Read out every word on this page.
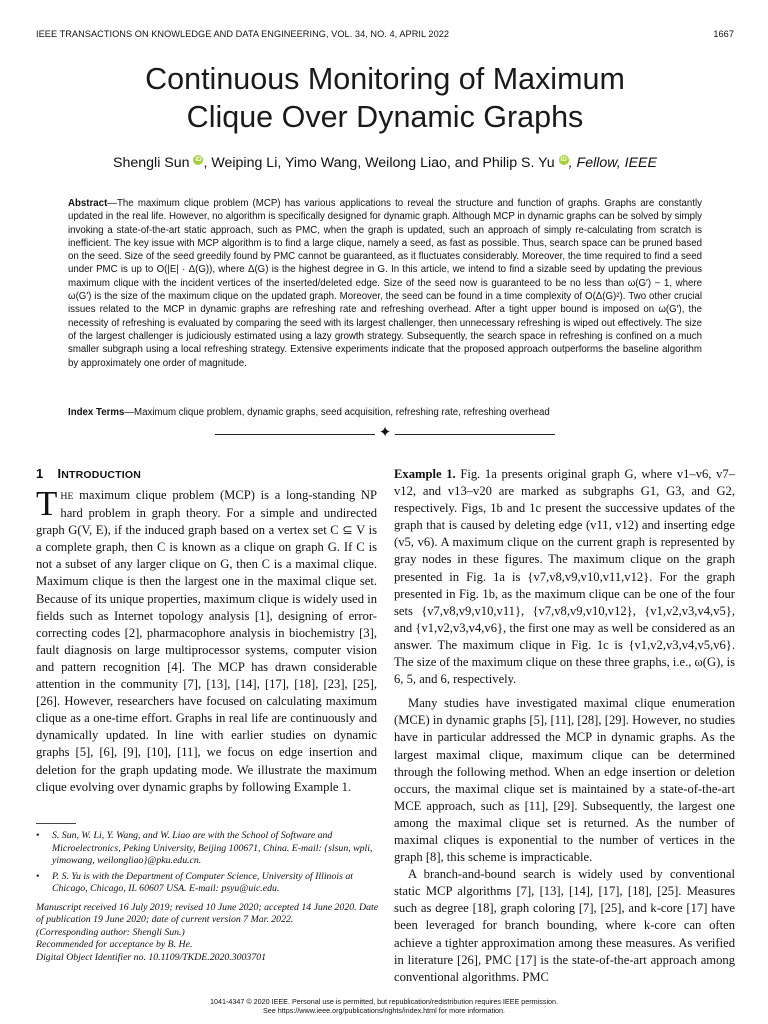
IEEE TRANSACTIONS ON KNOWLEDGE AND DATA ENGINEERING, VOL. 34, NO. 4, APRIL 2022	1667
Continuous Monitoring of Maximum
Clique Over Dynamic Graphs
Shengli Sun iD , Weiping Li, Yimo Wang, Weilong Liao, and Philip S. Yu iD , Fellow, IEEE

Abstract—The maximum clique problem (MCP) has various applications to reveal the structure and function of graphs. Graphs are constantly updated in the real life. However, no algorithm is specifically designed for dynamic graph. Although MCP in dynamic graphs can be solved by simply invoking a state-of-the-art static approach, such as PMC, when the graph is updated, such an approach of simply re-calculating from scratch is inefficient. The key issue with MCP algorithm is to find a large clique, namely a seed, as fast as possible. Thus, search space can be pruned based on the seed. Size of the seed greedily found by PMC cannot be guaranteed, as it fluctuates considerably. Moreover, the time required to find a seed under PMC is up to O(|E| · Δ(G)), where Δ(G) is the highest degree in G. In this article, we intend to find a sizable seed by updating the previous maximum clique with the incident vertices of the inserted/deleted edge. Size of the seed now is guaranteed to be no less than ω(G′) − 1, where ω(G′) is the size of the maximum clique on the updated graph. Moreover, the seed can be found in a time complexity of O(Δ(G)²). Two other crucial issues related to the MCP in dynamic graphs are refreshing rate and refreshing overhead. After a tight upper bound is imposed on ω(G′), the necessity of refreshing is evaluated by comparing the seed with its largest challenger, then unnecessary refreshing is wiped out effectively. The size of the largest challenger is judiciously estimated using a lazy growth strategy. Subsequently, the search space in refreshing is confined on a much smaller subgraph using a local refreshing strategy. Extensive experiments indicate that the proposed approach outperforms the baseline algorithm by approximately one order of magnitude.

Index Terms—Maximum clique problem, dynamic graphs, seed acquisition, refreshing rate, refreshing overhead

✦
1 INTRODUCTION

THE maximum clique problem (MCP) is a long-standing NP hard problem in graph theory. For a simple and undirected graph G(V, E), if the induced graph based on a vertex set C ⊆ V is a complete graph, then C is known as a clique on graph G. If C is not a subset of any larger clique on G, then C is a maximal clique. Maximum clique is then the largest one in the maximal clique set. Because of its unique properties, maximum clique is widely used in fields such as Internet topology analysis [1], designing of error-correcting codes [2], pharmacophore analysis in biochemistry [3], fault diagnosis on large multiprocessor systems, computer vision and pattern recognition [4]. The MCP has drawn considerable attention in the community [7], [13], [14], [17], [18], [23], [25], [26]. However, researchers have focused on calculating maximum clique as a one-time effort. Graphs in real life are continuously and dynamically updated. In line with earlier studies on dynamic graphs [5], [6], [9], [10], [11], we focus on edge insertion and deletion for the graph updating mode. We illustrate the maximum clique evolving over dynamic graphs by following Example 1.

• S. Sun, W. Li, Y. Wang, and W. Liao are with the School of Software and Microelectronics, Peking University, Beijing 100671, China. E-mail: {slsun, wpli, yimowang, weilongliao}@pku.edu.cn.
• P. S. Yu is with the Department of Computer Science, University of Illinois at Chicago, Chicago, IL 60607 USA. E-mail: psyu@uic.edu.
Manuscript received 16 July 2019; revised 10 June 2020; accepted 14 June 2020. Date of publication 19 June 2020; date of current version 7 Mar. 2022.
(Corresponding author: Shengli Sun.)
Recommended for acceptance by B. He.
Digital Object Identifier no. 10.1109/TKDE.2020.3003701

Example 1. Fig. 1a presents original graph G, where v1–v6, v7–v12, and v13–v20 are marked as subgraphs G1, G3, and G2, respectively. Figs, 1b and 1c present the successive updates of the graph that is caused by deleting edge (v11, v12) and inserting edge (v5, v6). A maximum clique on the current graph is represented by gray nodes in these figures. The maximum clique on the graph presented in Fig. 1a is {v7,v8,v9,v10,v11,v12}. For the graph presented in Fig. 1b, as the maximum clique can be one of the four sets {v7,v8,v9,v10,v11}, {v7,v8,v9,v10,v12}, {v1,v2,v3,v4,v5}, and {v1,v2,v3,v4,v6}, the first one may as well be considered as an answer. The maximum clique in Fig. 1c is {v1,v2,v3,v4,v5,v6}. The size of the maximum clique on these three graphs, i.e., ω(G), is 6, 5, and 6, respectively.

Many studies have investigated maximal clique enumeration (MCE) in dynamic graphs [5], [11], [28], [29]. However, no studies have in particular addressed the MCP in dynamic graphs. As the largest maximal clique, maximum clique can be determined through the following method. When an edge insertion or deletion occurs, the maximal clique set is maintained by a state-of-the-art MCE approach, such as [11], [29]. Subsequently, the largest one among the maximal clique set is returned. As the number of maximal cliques is exponential to the number of vertices in the graph [8], this scheme is impracticable.

A branch-and-bound search is widely used by conventional static MCP algorithms [7], [13], [14], [17], [18], [25]. Measures such as degree [18], graph coloring [7], [25], and k-core [17] have been leveraged for branch bounding, where k-core can often achieve a tighter approximation among these measures. As verified in literature [26], PMC [17] is the state-of-the-art approach among conventional algorithms. PMC

1041-4347 © 2020 IEEE. Personal use is permitted, but republication/redistribution requires IEEE permission.
See https://www.ieee.org/publications/rights/index.html for more information.
